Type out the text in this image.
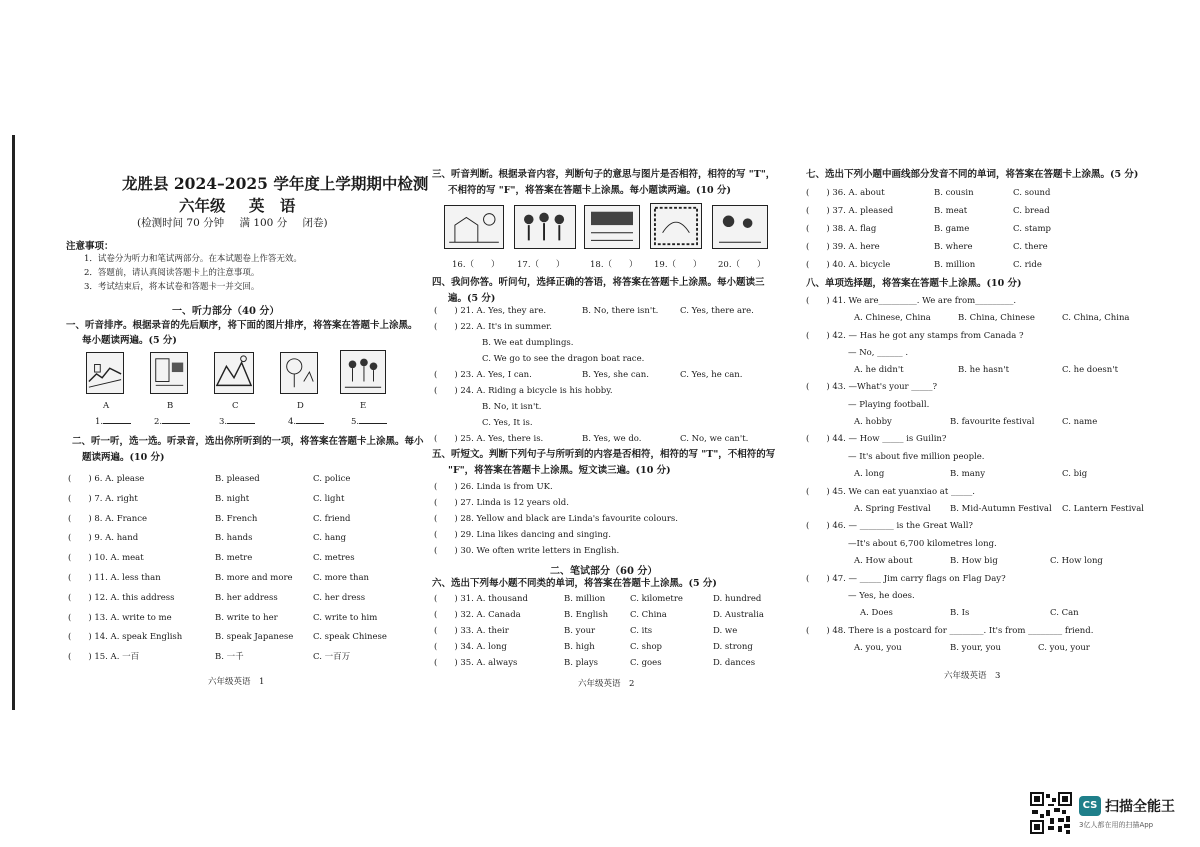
龙胜县 2024–2025 学年度上学期期中检测
六年级 英　语
(检测时间 70 分钟 满 100 分 闭卷)
注意事项：
1．试卷分为听力和笔试两部分。在本试题卷上作答无效。
2．答题前，请认真阅读答题卡上的注意事项。
3．考试结束后，将本试卷和答题卡一并交回。
一、听力部分（40 分）
一、听音排序。根据录音的先后顺序，将下面的图片排序，将答案在答题卡上涂黑。
每小题读两遍。(5 分)
A	B	C	D	E
1.	2.	3.	4.	5.
二、听一听，选一选。听录音，选出你所听到的一项，将答案在答题卡上涂黑。每小
题读两遍。(10 分)
(　　) 6. A. please	B. pleased	C. police
(　　) 7. A. right	B. night	C. light
(　　) 8. A. France	B. French	C. friend
(　　) 9. A. hand	B. hands	C. hang
(　　) 10. A. meat	B. metre	C. metres
(　　) 11. A. less than	B. more and more C. more than
(　　) 12. A. this address	B. her address	C. her dress
(　　) 13. A. write to me	B. write to her	C. write to him
(　　) 14. A. speak English	B. speak Japanese C. speak Chinese
(　　) 15. A. 一百	B. 一千	C. 一百万
六年级英语　1
三、听音判断。根据录音内容，判断句子的意思与图片是否相符，相符的写 "T"，
不相符的写 "F"，将答案在答题卡上涂黑。每小题读两遍。(10 分)
16.（　　） 17.（　　）	18.（　　） 19.（　　） 20.（　　）
四、我问你答。听问句，选择正确的答语，将答案在答题卡上涂黑。每小题读三
遍。(5 分)
(　　) 21. A. Yes, they are.	B. No, there isn't.	C. Yes, there are.
(　　) 22. A. It's in summer.
B. We eat dumplings.
C. We go to see the dragon boat race.
(　　) 23. A. Yes, I can.	B. Yes, she can.	C. Yes, he can.
(　　) 24. A. Riding a bicycle is his hobby.
B. No, it isn't.
C. Yes, It is.
(　　) 25. A. Yes, there is.	B. Yes, we do.	C. No, we can't.
五、听短文。判断下列句子与所听到的内容是否相符，相符的写 "T"，不相符的写
"F"，将答案在答题卡上涂黑。短文读三遍。(10 分)
(　　) 26. Linda is from UK.
(　　) 27. Linda is 12 years old.
(　　) 28. Yellow and black are Linda's favourite colours.
(　　) 29. Lina likes dancing and singing.
(　　) 30. We often write letters in English.
二、笔试部分（60 分）
六、选出下列每小题不同类的单词，将答案在答题卡上涂黑。(5 分)
(　　) 31. A. thousand	B. million	C. kilometre	D. hundred
(　　) 32. A. Canada	B. English	C. China	D. Australia
(　　) 33. A. their	B. your	C. its	D. we
(　　) 34. A. long	B. high	C. shop	D. strong
(　　) 35. A. always	B. plays	C. goes	D. dances
六年级英语　2
七、选出下列小题中画线部分发音不同的单词，将答案在答题卡上涂黑。(5 分)
(　　) 36. A. about	B. cousin	C. sound
(　　) 37. A. pleased	B. meat	C. bread
(　　) 38. A. flag	B. game	C. stamp
(　　) 39. A. here	B. where	C. there
(　　) 40. A. bicycle	B. million	C. ride
八、单项选择题，将答案在答题卡上涂黑。(10 分)
(　　) 41. We are_________. We are from_________.
A. Chinese, China	B. China, Chinese	C. China, China
(　　) 42. — Has he got any stamps from Canada ?
— No, ______ .
A. he didn't	B. he hasn't	C. he doesn't
(　　) 43. —What's your _____?
— Playing football.
A. hobby	B. favourite festival	C. name
(　　) 44. — How _____ is Guilin?
— It's about five million people.
A. long	B. many	C. big
(　　) 45. We can eat yuanxiao at _____.
A. Spring Festival B. Mid-Autumn Festival C. Lantern Festival
(　　) 46. — ________ is the Great Wall?
—It's about 6,700 kilometres long.
A. How about	B. How big	C. How long
(　　) 47. — _____ Jim carry flags on Flag Day?
— Yes, he does.
A. Does	B. Is	C. Can
(　　) 48. There is a postcard for ________. It's from ________ friend.
A. you, you	B. your, you	C. you, your
六年级英语　3
CS 扫描全能王
3亿人都在用的扫描App
